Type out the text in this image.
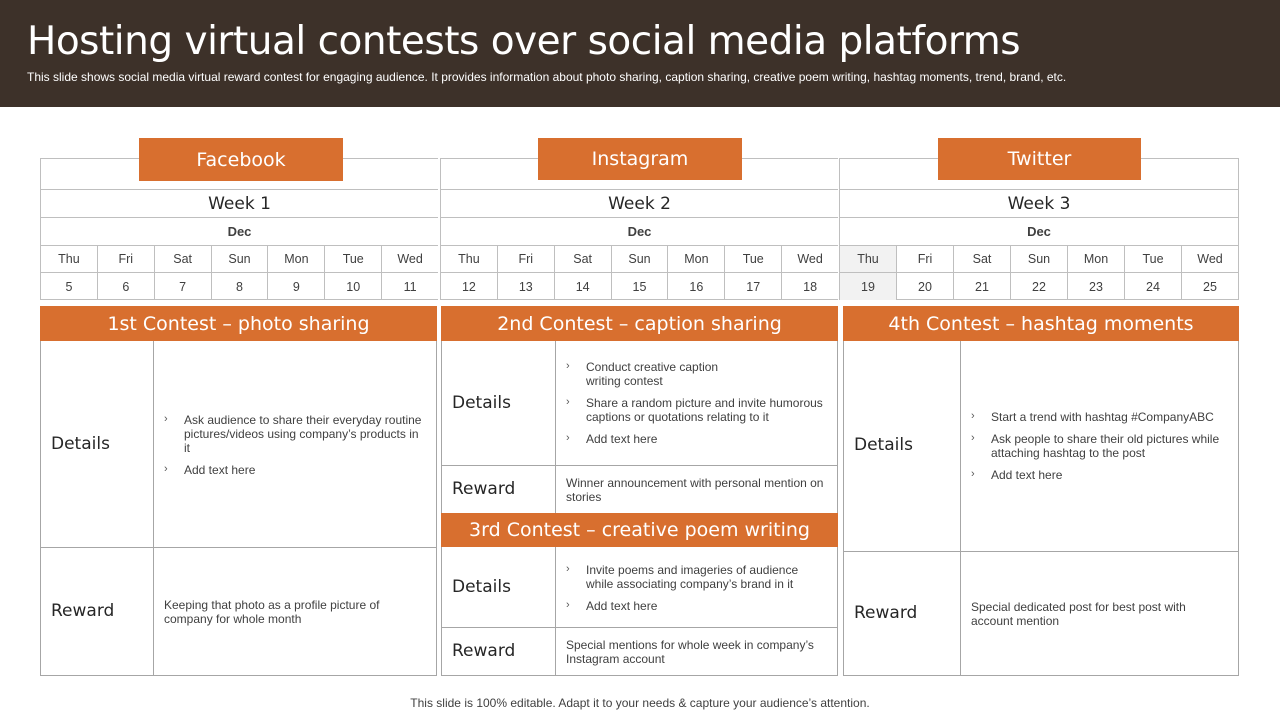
Hosting virtual contests over social media platforms

This slide shows social media virtual reward contest for engaging audience. It provides information about photo sharing, caption sharing, creative poem writing, hashtag moments, trend, brand, etc.

Week 1
Dec
Thu	Fri	Sat	Sun	Mon	Tue	Wed
5	6	7	8	9	10	11
Week 2
Dec
Thu	Fri	Sat	Sun	Mon	Tue	Wed
12	13	14	15	16	17	18
Week 3
Dec
Thu	Fri	Sat	Sun	Mon	Tue	Wed
19	20	21	22	23	24	25
Facebook	Instagram	Twitter
1st Contest – photo sharing
Details
› Ask audience to share their everyday routine pictures/videos using company’s products in it
› Add text here
Reward	Keeping that photo as a profile picture of company for whole month
2nd Contest – caption sharing
Details
› Conduct creative caption writing contest
› Share a random picture and invite humorous captions or quotations relating to it
› Add text here
Reward	Winner announcement with personal mention on stories
3rd Contest – creative poem writing
Details
› Invite poems and imageries of audience while associating company’s brand in it
› Add text here
Reward	Special mentions for whole week in company’s Instagram account
4th Contest – hashtag moments
Details
› Start a trend with hashtag #CompanyABC
› Ask people to share their old pictures while attaching hashtag to the post
› Add text here
Reward	Special dedicated post for best post with account mention
This slide is 100% editable. Adapt it to your needs & capture your audience’s attention.
